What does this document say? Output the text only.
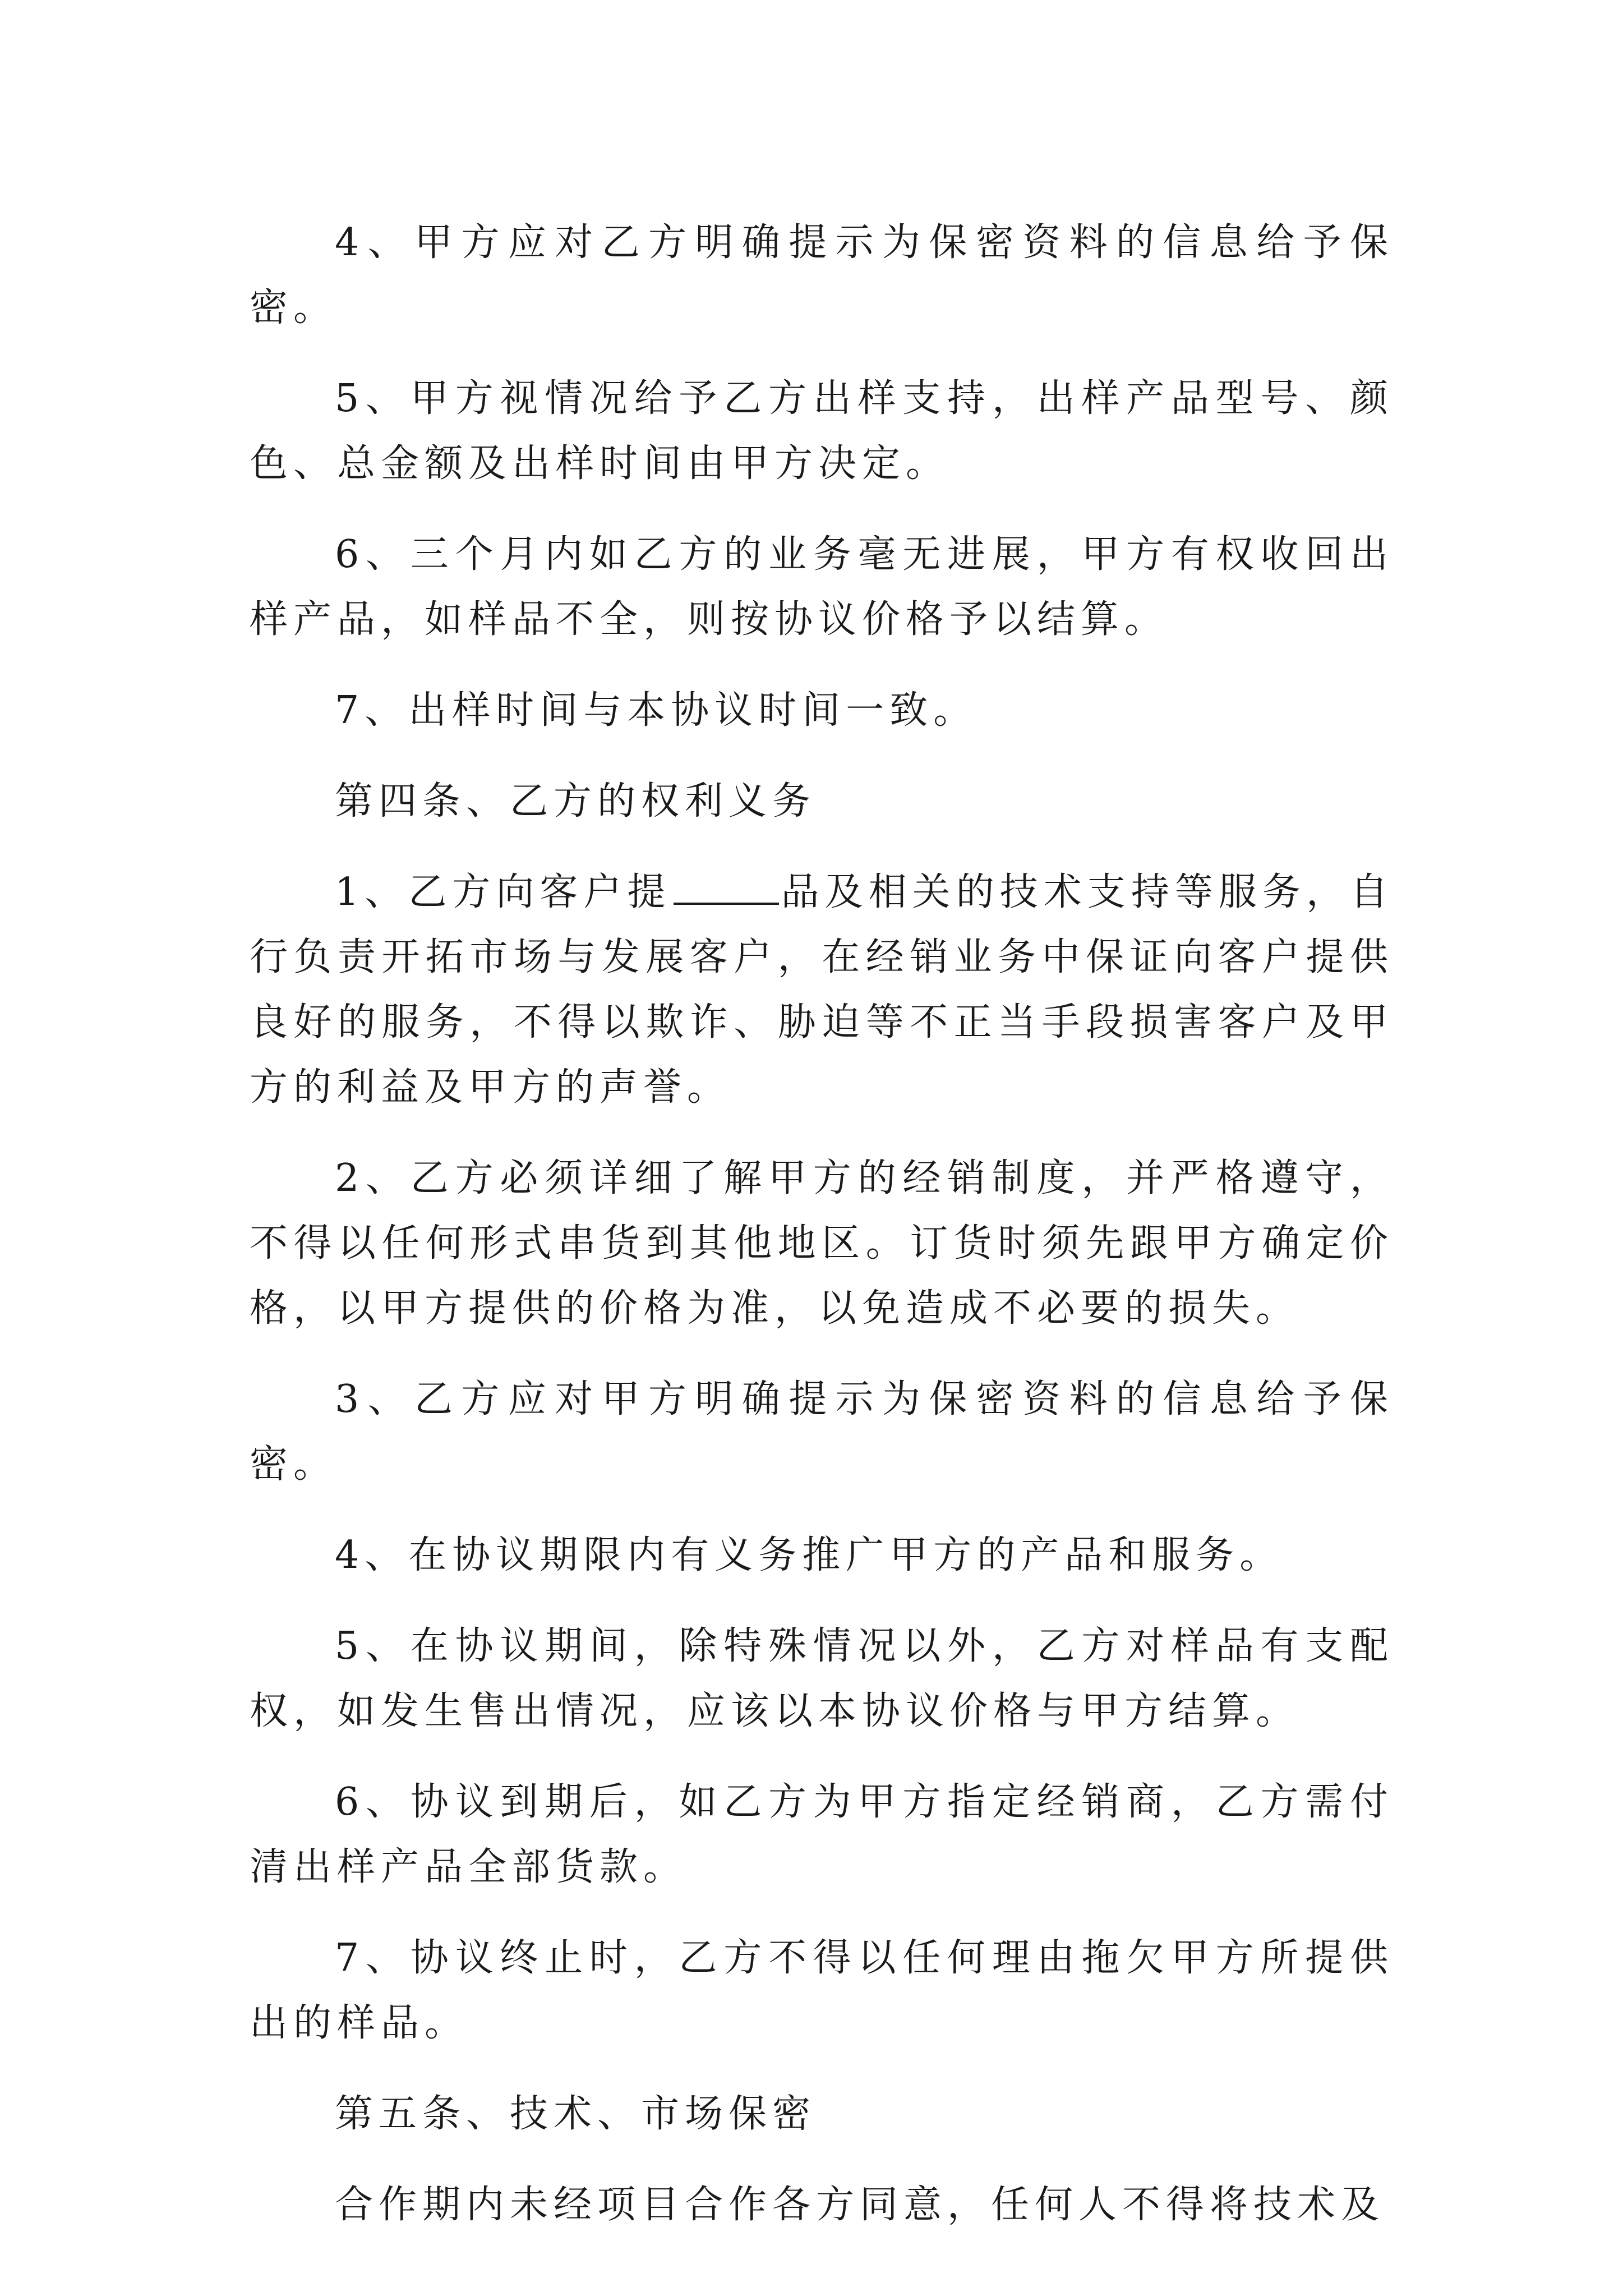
4、甲方应对乙方明确提示为保密资料的信息给予保密。

5、甲方视情况给予乙方出样支持，出样产品型号、颜色、总金额及出样时间由甲方决定。

6、三个月内如乙方的业务毫无进展，甲方有权收回出样产品，如样品不全，则按协议价格予以结算。

7、出样时间与本协议时间一致。

第四条、乙方的权利义务

1、乙方向客户提	品及相关的技术支持等服务，自行负责开拓市场与发展客户，在经销业务中保证向客户提供良好的服务，不得以欺诈、胁迫等不正当手段损害客户及甲方的利益及甲方的声誉。

2、乙方必须详细了解甲方的经销制度，并严格遵守，不得以任何形式串货到其他地区。订货时须先跟甲方确定价格，以甲方提供的价格为准，以免造成不必要的损失。

3、乙方应对甲方明确提示为保密资料的信息给予保密。

4、在协议期限内有义务推广甲方的产品和服务。

5、在协议期间，除特殊情况以外，乙方对样品有支配权，如发生售出情况，应该以本协议价格与甲方结算。

6、协议到期后，如乙方为甲方指定经销商，乙方需付清出样产品全部货款。

7、协议终止时，乙方不得以任何理由拖欠甲方所提供出的样品。

第五条、技术、市场保密

合作期内未经项目合作各方同意，任何人不得将技术及
